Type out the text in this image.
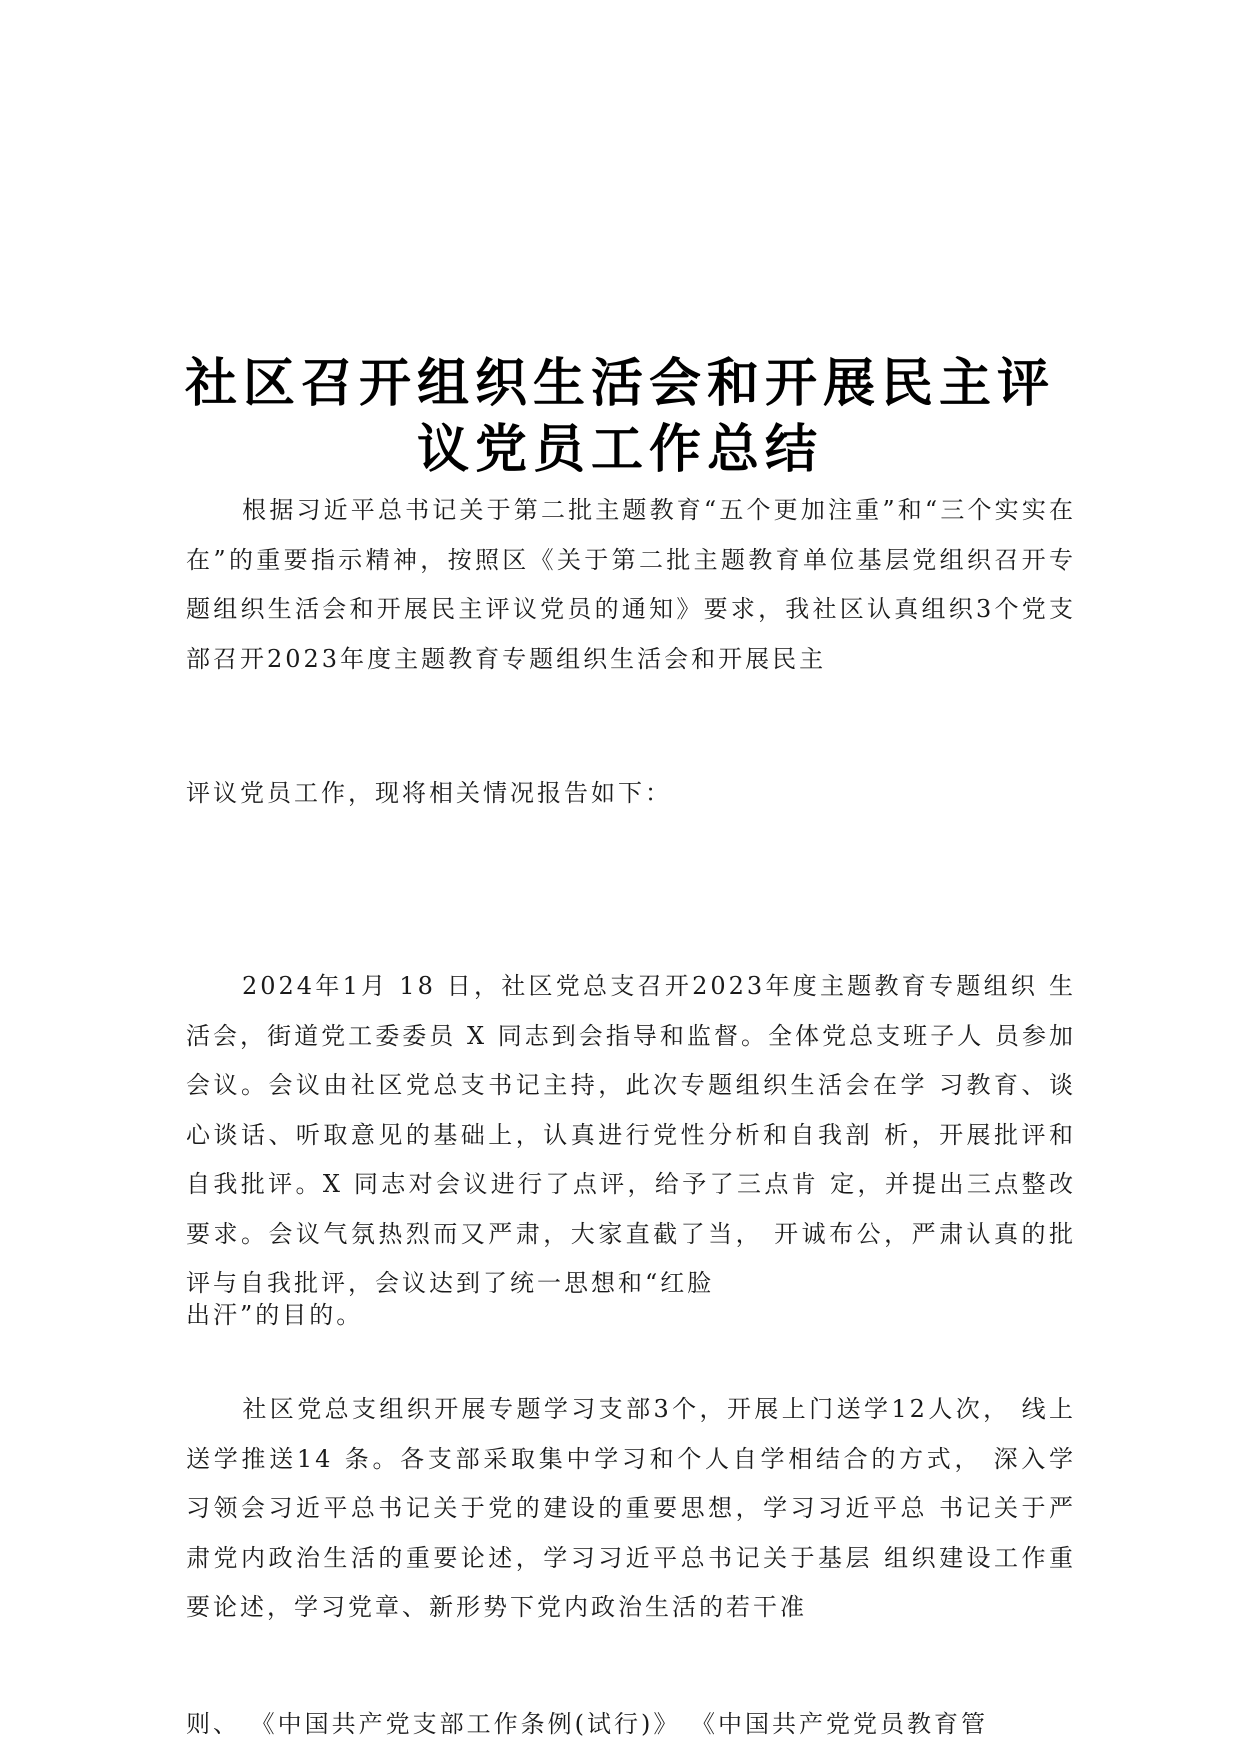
社区召开组织生活会和开展民主评
议党员工作总结

根据习近平总书记关于第二批主题教育“五个更加注重”和“三个实实在在”的重要指示精神，按照区《关于第二批主题教育单位基层党组织召开专题组织生活会和开展民主评议党员的通知》要求，我社区认真组织3个党支部召开2023年度主题教育专题组织生活会和开展民主

评议党员工作，现将相关情况报告如下：

2024年1月 18 日，社区党总支召开2023年度主题教育专题组织 生活会，街道党工委委员 X 同志到会指导和监督。全体党总支班子人 员参加会议。会议由社区党总支书记主持，此次专题组织生活会在学 习教育、谈心谈话、听取意见的基础上，认真进行党性分析和自我剖 析，开展批评和自我批评。X 同志对会议进行了点评，给予了三点肯 定，并提出三点整改要求。会议气氛热烈而又严肃，大家直截了当， 开诚布公，严肃认真的批评与自我批评，会议达到了统一思想和“红脸

出汗”的目的。

社区党总支组织开展专题学习支部3个，开展上门送学12人次， 线上送学推送14 条。各支部采取集中学习和个人自学相结合的方式， 深入学习领会习近平总书记关于党的建设的重要思想，学习习近平总 书记关于严肃党内政治生活的重要论述，学习习近平总书记关于基层 组织建设工作重要论述，学习党章、新形势下党内政治生活的若干准

则、 《中国共产党支部工作条例(试行)》 《中国共产党党员教育管
